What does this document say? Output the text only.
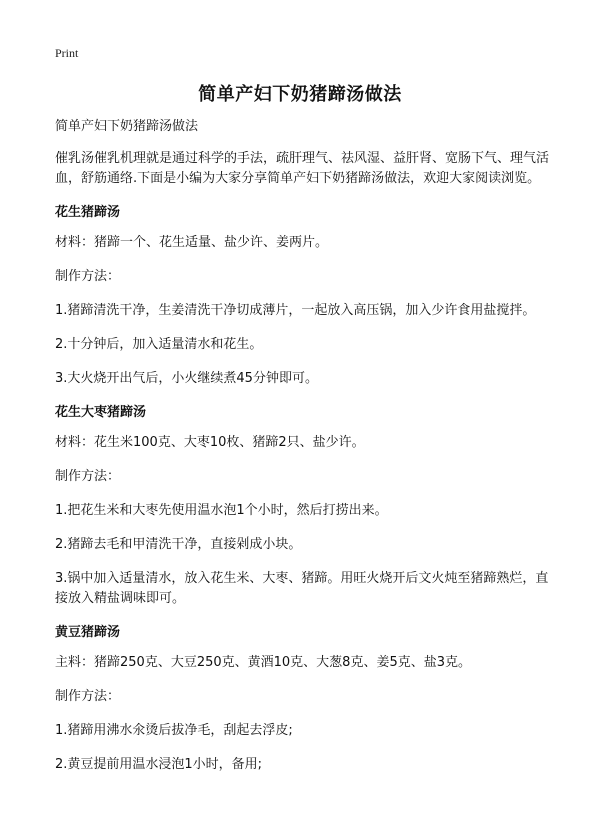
Print
简单产妇下奶猪蹄汤做法

简单产妇下奶猪蹄汤做法

催乳汤催乳机理就是通过科学的手法，疏肝理气、祛风湿、益肝肾、宽肠下气、理气活血，舒筋通络.下面是小编为大家分享简单产妇下奶猪蹄汤做法，欢迎大家阅读浏览。

花生猪蹄汤

材料：猪蹄一个、花生适量、盐少许、姜两片。

制作方法：

1.猪蹄清洗干净，生姜清洗干净切成薄片，一起放入高压锅，加入少许食用盐搅拌。

2.十分钟后，加入适量清水和花生。

3.大火烧开出气后，小火继续煮45分钟即可。

花生大枣猪蹄汤

材料：花生米100克、大枣10枚、猪蹄2只、盐少许。

制作方法：

1.把花生米和大枣先使用温水泡1个小时，然后打捞出来。

2.猪蹄去毛和甲清洗干净，直接剁成小块。

3.锅中加入适量清水，放入花生米、大枣、猪蹄。用旺火烧开后文火炖至猪蹄熟烂，直接放入精盐调味即可。

黄豆猪蹄汤

主料：猪蹄250克、大豆250克、黄酒10克、大葱8克、姜5克、盐3克。

制作方法：

1.猪蹄用沸水氽烫后拔净毛，刮起去浮皮;

2.黄豆提前用温水浸泡1小时，备用;
